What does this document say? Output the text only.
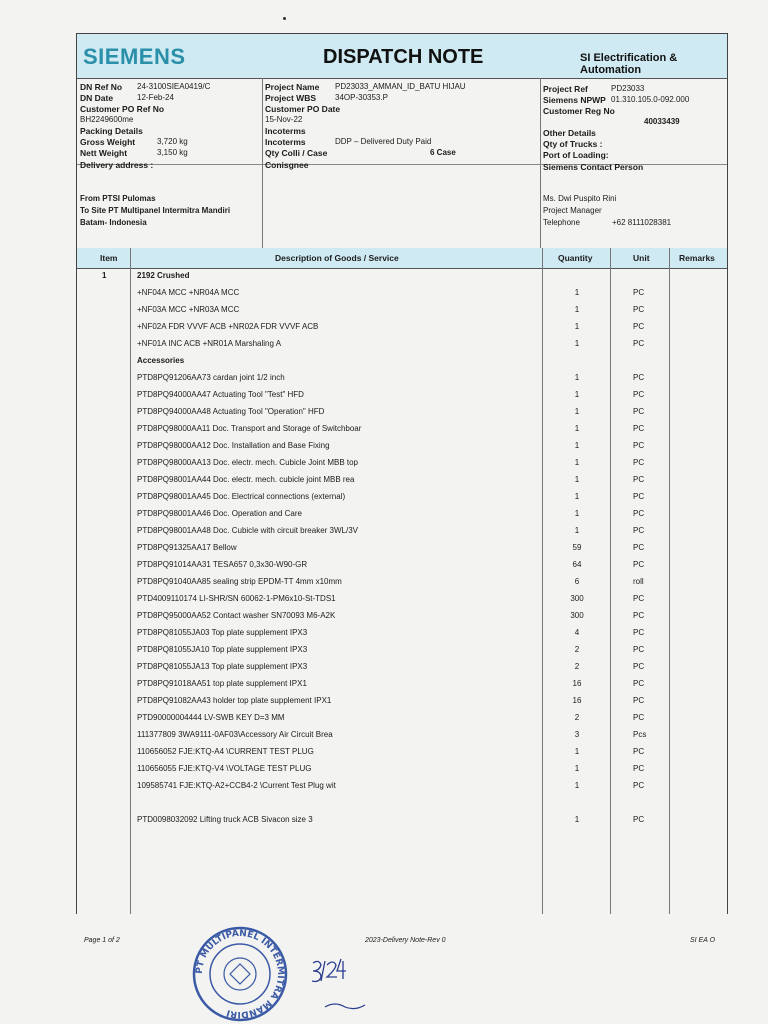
SIEMENS	DISPATCH NOTE	SI Electrification & Automation
DN Ref No 24-3100SIEA0419/C
DN Date	12-Feb-24
Customer PO Ref No
BH2249600me
Packing Details
Gross Weight	3,720 kg
Nett Weight	3,150 kg
Delivery address :
From PTSI Pulomas
To Site PT Multipanel Intermitra Mandiri
Batam- Indonesia
Project Name PD23033_AMMAN_ID_BATU HIJAU
Project WBS 34OP-30353.P
Customer PO Date
15-Nov-22
Incoterms
Incoterms	DDP – Delivered Duty Paid
Qty Colli / Case	6 Case
Conisgnee
Project Ref	PD23033
Siemens NPWP 01.310.105.0-092.000
Customer Reg No
40033439
Other Details
Qty of Trucks :
Port of Loading:
Siemens Contact Person
Ms. Dwi Puspito Rini
Project Manager
Telephone	+62 8111028381
Item	Description of Goods / Service	Quantity	Unit	Remarks
1	2192 Crushed
+NF04A MCC +NR04A MCC	1	PC
+NF03A MCC +NR03A MCC	1	PC
+NF02A FDR VVVF ACB +NR02A FDR VVVF ACB	1	PC
+NF01A INC ACB +NR01A Marshaling A	1	PC
Accessories
PTD8PQ91206AA73 cardan joint 1/2 inch	1	PC
PTD8PQ94000AA47 Actuating Tool "Test" HFD	1	PC
PTD8PQ94000AA48 Actuating Tool "Operation" HFD	1	PC
PTD8PQ98000AA11 Doc. Transport and Storage of Switchboar	1	PC
PTD8PQ98000AA12 Doc. Installation and Base Fixing	1	PC
PTD8PQ98000AA13 Doc. electr. mech. Cubicle Joint MBB top	1	PC
PTD8PQ98001AA44 Doc. electr. mech. cubicle joint MBB rea	1	PC
PTD8PQ98001AA45 Doc. Electrical connections (external)	1	PC
PTD8PQ98001AA46 Doc. Operation and Care	1	PC
PTD8PQ98001AA48 Doc. Cubicle with circuit breaker 3WL/3V	1	PC
PTD8PQ91325AA17 Bellow	59	PC
PTD8PQ91014AA31 TESA657 0,3x30-W90-GR	64	PC
PTD8PQ91040AA85 sealing strip EPDM-TT 4mm x10mm	6	roll
PTD4009110174 LI-SHR/SN 60062-1-PM6x10-St-TDS1	300	PC
PTD8PQ95000AA52 Contact washer SN70093 M6-A2K	300	PC
PTD8PQ81055JA03 Top plate supplement IPX3	4	PC
PTD8PQ81055JA10 Top plate supplement IPX3	2	PC
PTD8PQ81055JA13 Top plate supplement IPX3	2	PC
PTD8PQ91018AA51 top plate supplement IPX1	16	PC
PTD8PQ91082AA43 holder top plate supplement IPX1	16	PC
PTD90000004444 LV-SWB KEY D=3 MM	2	PC
111377809 3WA9111-0AF03\Accessory Air Circuit Brea	3	Pcs
110656052 FJE:KTQ-A4 \CURRENT TEST PLUG	1	PC
110656055 FJE:KTQ-V4 \VOLTAGE TEST PLUG	1	PC
109585741 FJE:KTQ-A2+CCB4-2 \Current Test Plug wit	1	PC
PTD0098032092 Lifting truck ACB Sivacon size 3	1	PC
Page 1 of 2	2023-Delivery Note-Rev 0	SI EA O
PT MULTIPANEL INTERMITRA MANDIRI
